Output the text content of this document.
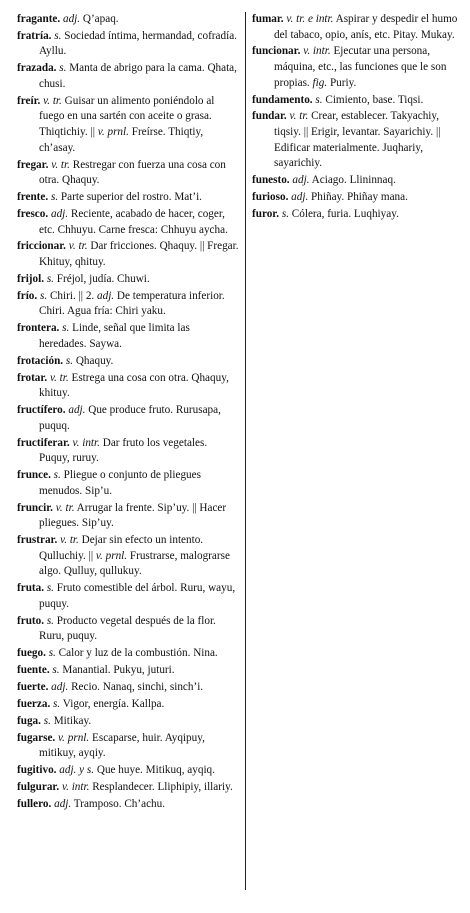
fragante. adj. Q’apaq.
fratría. s. Sociedad íntima, hermandad, cofradía. Ayllu.
frazada. s. Manta de abrigo para la cama. Qhata, chusi.
freír. v. tr. Guisar un alimento poniéndolo al fuego en una sartén con aceite o grasa. Thiqtichiy. || v. prnl. Freírse. Thiqtiy, ch’asay.
fregar. v. tr. Restregar con fuerza una cosa con otra. Qhaquy.
frente. s. Parte superior del rostro. Mat’i.
fresco. adj. Reciente, acabado de hacer, coger, etc. Chhuyu. Carne fresca: Chhuyu aycha.
friccionar. v. tr. Dar fricciones. Qhaquy. || Fregar. Khituy, qhituy.
frijol. s. Fréjol, judía. Chuwi.
frío. s. Chiri. || 2. adj. De temperatura inferior. Chiri. Agua fría: Chiri yaku.
frontera. s. Linde, señal que limita las heredades. Saywa.
frotación. s. Qhaquy.
frotar. v. tr. Estrega una cosa con otra. Qhaquy, khituy.
fructífero. adj. Que produce fruto. Rurusapa, puquq.
fructiferar. v. intr. Dar fruto los vegetales. Puquy, ruruy.
frunce. s. Pliegue o conjunto de pliegues menudos. Sip’u.
fruncir. v. tr. Arrugar la frente. Sip’uy. || Hacer pliegues. Sip’uy.
frustrar. v. tr. Dejar sin efecto un intento. Qulluchiy. || v. prnl. Frustrarse, malograrse algo. Qulluy, qullukuy.
fruta. s. Fruto comestible del árbol. Ruru, wayu, puquy.
fruto. s. Producto vegetal después de la flor. Ruru, puquy.
fuego. s. Calor y luz de la combustión. Nina.
fuente. s. Manantial. Pukyu, juturi.
fuerte. adj. Recio. Nanaq, sinchi, sinch’i.
fuerza. s. Vigor, energía. Kallpa.
fuga. s. Mitikay.
fugarse. v. prnl. Escaparse, huir. Ayqipuy, mitikuy, ayqiy.
fugitivo. adj. y s. Que huye. Mitikuq, ayqiq.
fulgurar. v. intr. Resplandecer. Lliphipiy, illariy.
fullero. adj. Tramposo. Ch’achu.
fumar. v. tr. e intr. Aspirar y despedir el humo del tabaco, opio, anís, etc. Pitay. Mukay.
funcionar. v. intr. Ejecutar una persona, máquina, etc., las funciones que le son propias. fig. Puriy.
fundamento. s. Cimiento, base. Tiqsi.
fundar. v. tr. Crear, establecer. Takyachiy, tiqsiy. || Erigir, levantar. Sayarichiy. || Edificar materialmente. Juqhariy, sayarichiy.
funesto. adj. Aciago. Llininnaq.
furioso. adj. Phiñay. Phiñay mana.
furor. s. Cólera, furia. Luqhiyay.
